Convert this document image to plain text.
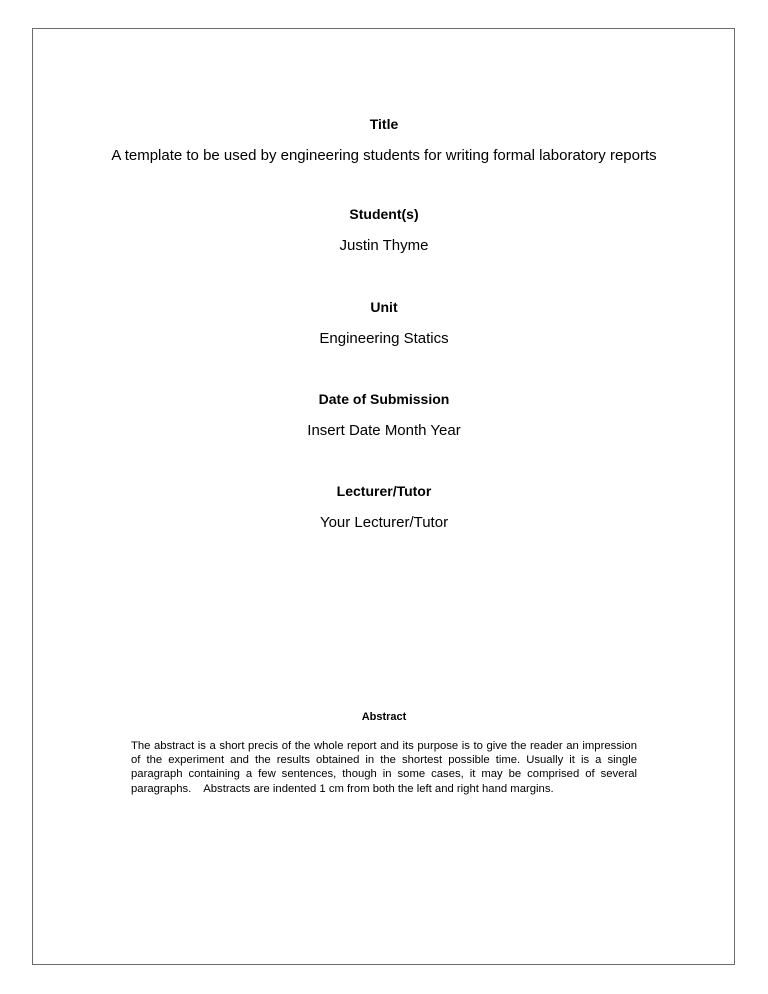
Title
A template to be used by engineering students for writing formal laboratory reports
Student(s)
Justin Thyme
Unit
Engineering Statics
Date of Submission
Insert Date Month Year
Lecturer/Tutor
Your Lecturer/Tutor
Abstract
The abstract is a short precis of the whole report and its purpose is to give the reader an impression of the experiment and the results obtained in the shortest possible time. Usually it is a single paragraph containing a few sentences, though in some cases, it may be comprised of several paragraphs.    Abstracts are indented 1 cm from both the left and right hand margins.
